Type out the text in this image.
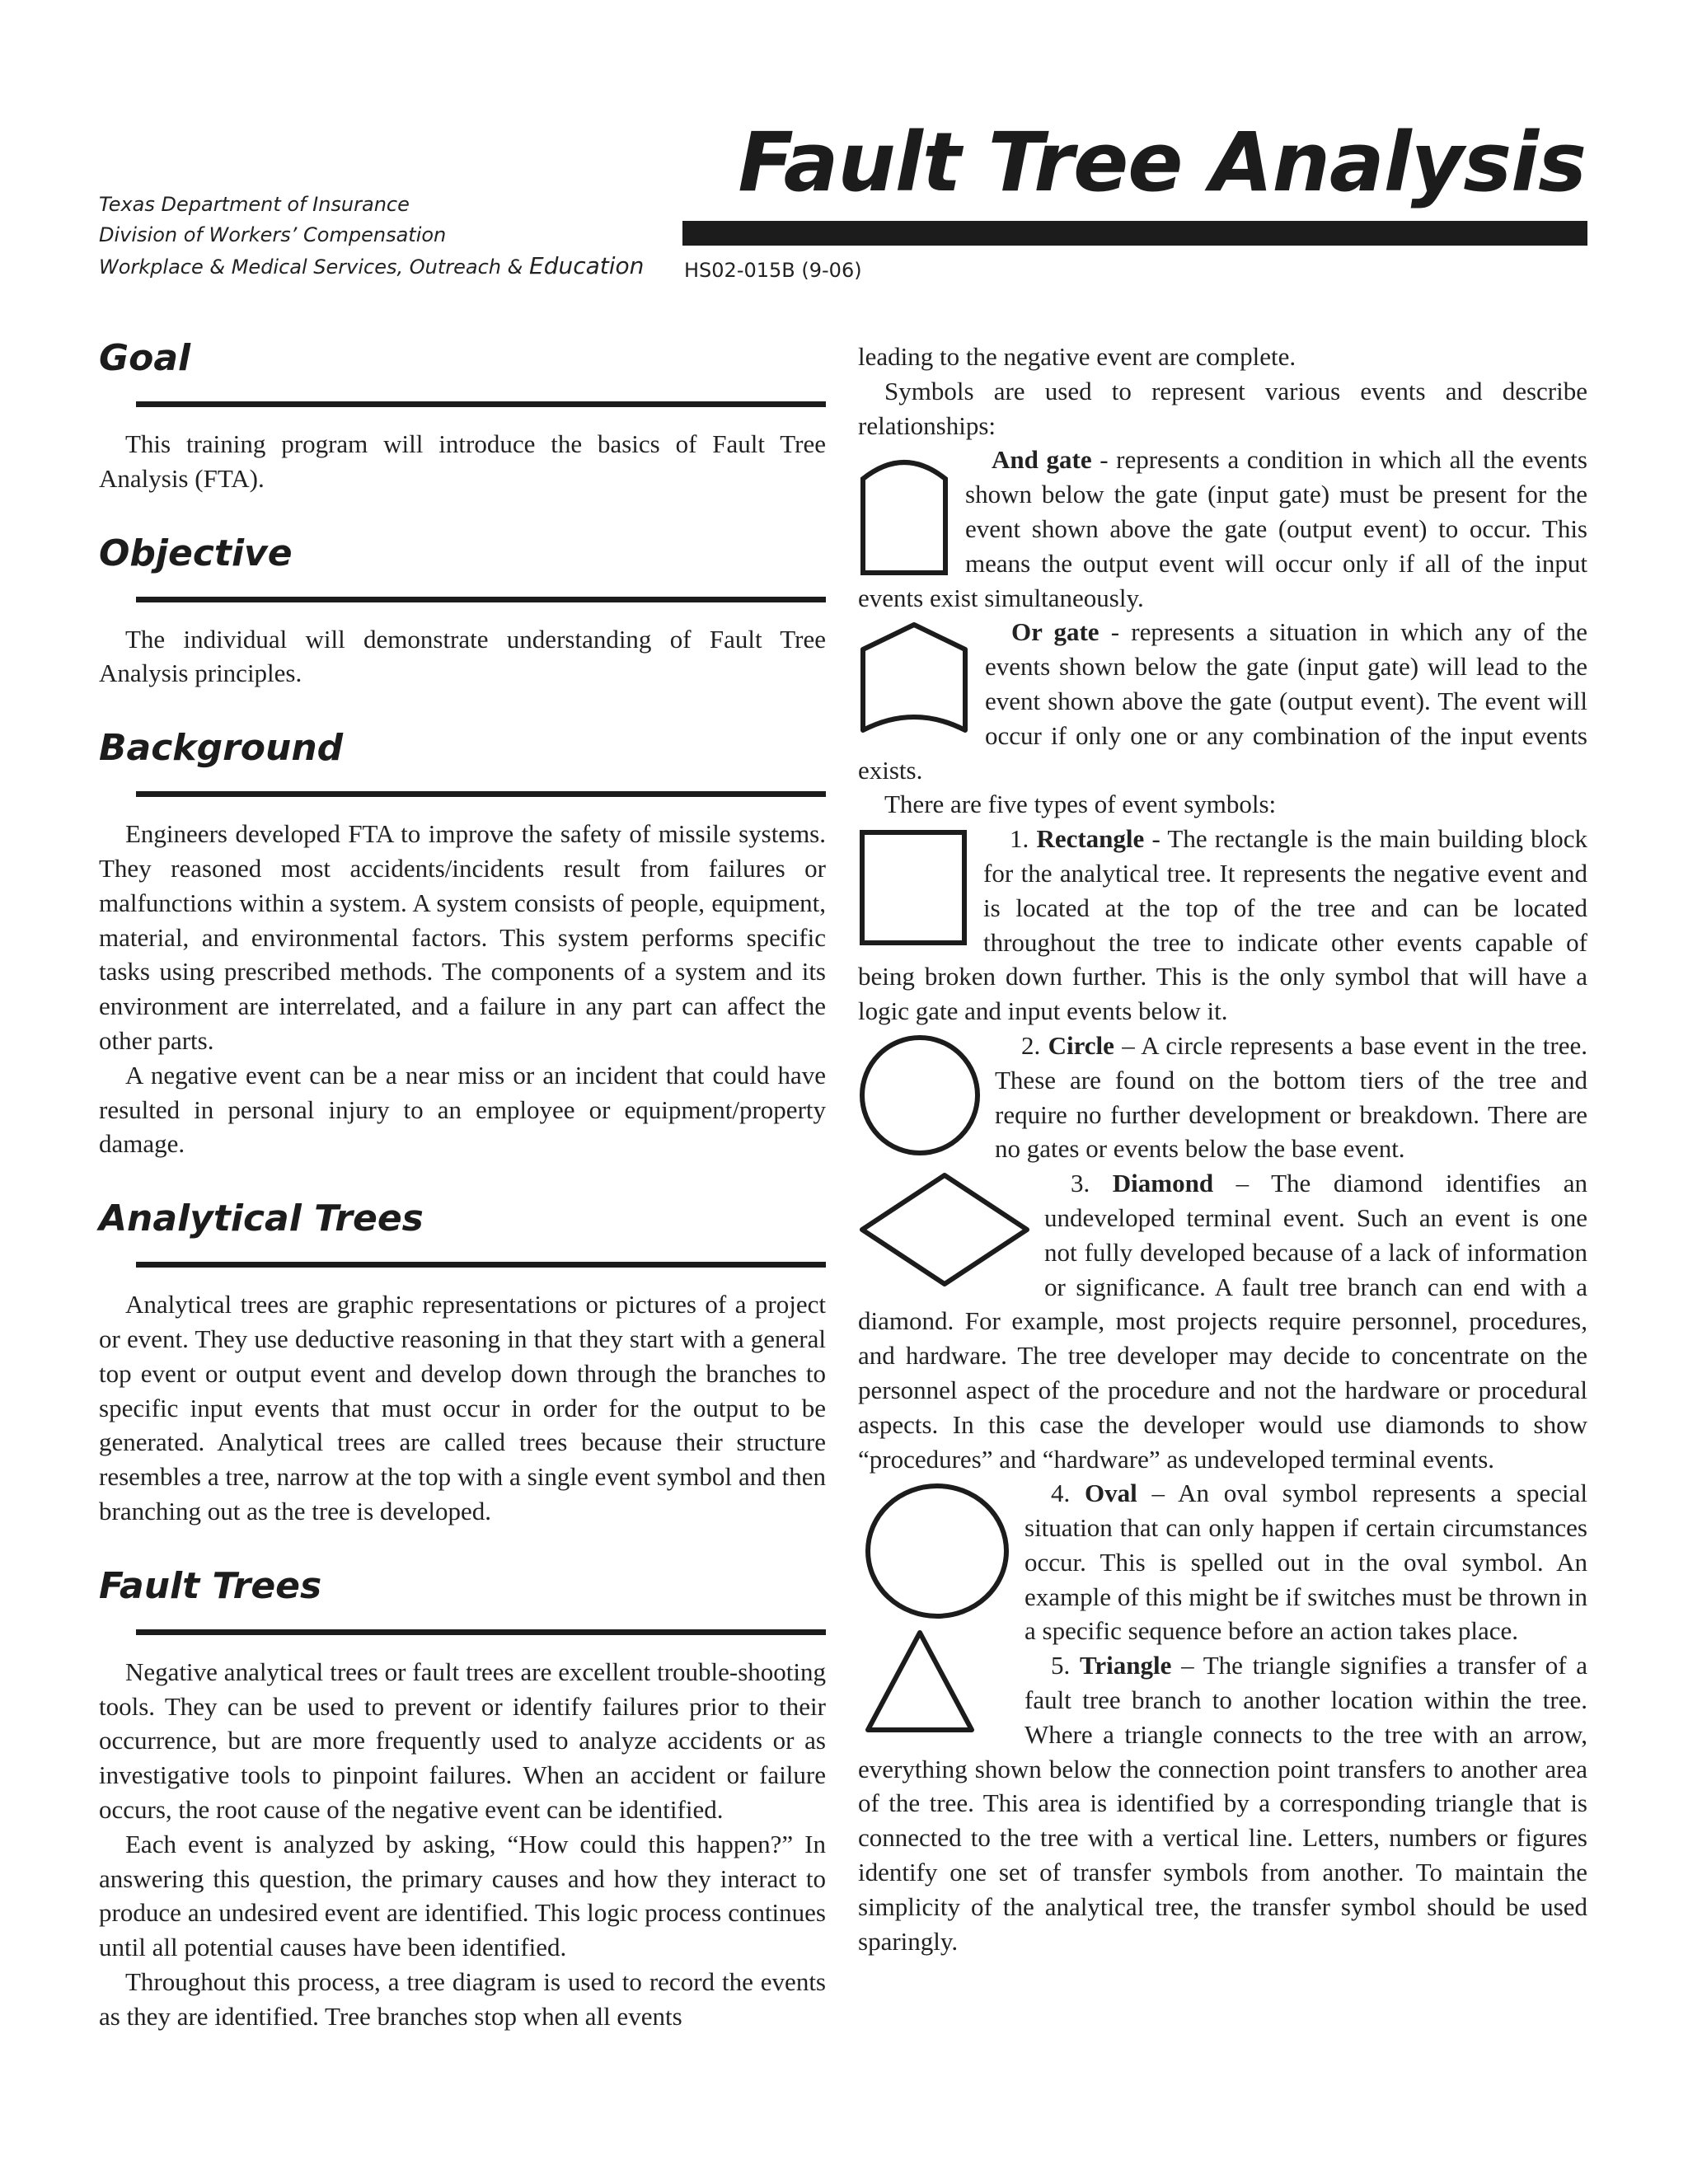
Texas Department of Insurance
Division of Workers’ Compensation
Workplace & Medical Services, Outreach & Education
Fault Tree Analysis
HS02-015B (9-06)
Goal

This training program will introduce the basics of Fault Tree Analysis (FTA).

Objective

The individual will demonstrate understanding of Fault Tree Analysis principles.

Background

Engineers developed FTA to improve the safety of missile systems. They reasoned most accidents/incidents result from failures or malfunctions within a system. A system consists of people, equipment, material, and environmental factors. This system performs specific tasks using prescribed methods. The components of a system and its environment are interrelated, and a failure in any part can affect the other parts.

A negative event can be a near miss or an incident that could have resulted in personal injury to an employee or equipment/property damage.

Analytical Trees

Analytical trees are graphic representations or pictures of a project or event. They use deductive reasoning in that they start with a general top event or output event and develop down through the branches to specific input events that must occur in order for the output to be generated. Analytical trees are called trees because their structure resembles a tree, narrow at the top with a single event symbol and then branching out as the tree is developed.

Fault Trees

Negative analytical trees or fault trees are excellent trouble-shooting tools. They can be used to prevent or identify failures prior to their occurrence, but are more frequently used to analyze accidents or as investigative tools to pinpoint failures. When an accident or failure occurs, the root cause of the negative event can be identified.

Each event is analyzed by asking, “How could this happen?” In answering this question, the primary causes and how they interact to produce an undesired event are identified. This logic process continues until all potential causes have been identified.

Throughout this process, a tree diagram is used to record the events as they are identified. Tree branches stop when all events

leading to the negative event are complete.

Symbols are used to represent various events and describe relationships:

And gate - represents a condition in which all the events shown below the gate (input gate) must be present for the event shown above the gate (output event) to occur. This means the output event will occur only if all of the input events exist simultaneously.

Or gate - represents a situation in which any of the events shown below the gate (input gate) will lead to the event shown above the gate (output event). The event will occur if only one or any combination of the input events exists.

There are five types of event symbols:

1. Rectangle - The rectangle is the main building block for the analytical tree. It represents the negative event and is located at the top of the tree and can be located throughout the tree to indicate other events capable of being broken down further. This is the only symbol that will have a logic gate and input events below it.

2. Circle – A circle represents a base event in the tree. These are found on the bottom tiers of the tree and require no further development or breakdown. There are no gates or events below the base event.

3. Diamond – The diamond identifies an undeveloped terminal event. Such an event is one not fully developed because of a lack of information or significance. A fault tree branch can end with a diamond. For example, most projects require personnel, procedures, and hardware. The tree developer may decide to concentrate on the personnel aspect of the procedure and not the hardware or procedural aspects. In this case the developer would use diamonds to show “procedures” and “hardware” as undeveloped terminal events.

4. Oval – An oval symbol represents a special situation that can only happen if certain circumstances occur. This is spelled out in the oval symbol. An example of this might be if switches must be thrown in a specific sequence before an action takes place.

5. Triangle – The triangle signifies a transfer of a fault tree branch to another location within the tree. Where a triangle connects to the tree with an arrow, everything shown below the connection point transfers to another area of the tree. This area is identified by a corresponding triangle that is connected to the tree with a vertical line. Letters, numbers or figures identify one set of transfer symbols from another. To maintain the simplicity of the analytical tree, the transfer symbol should be used sparingly.
